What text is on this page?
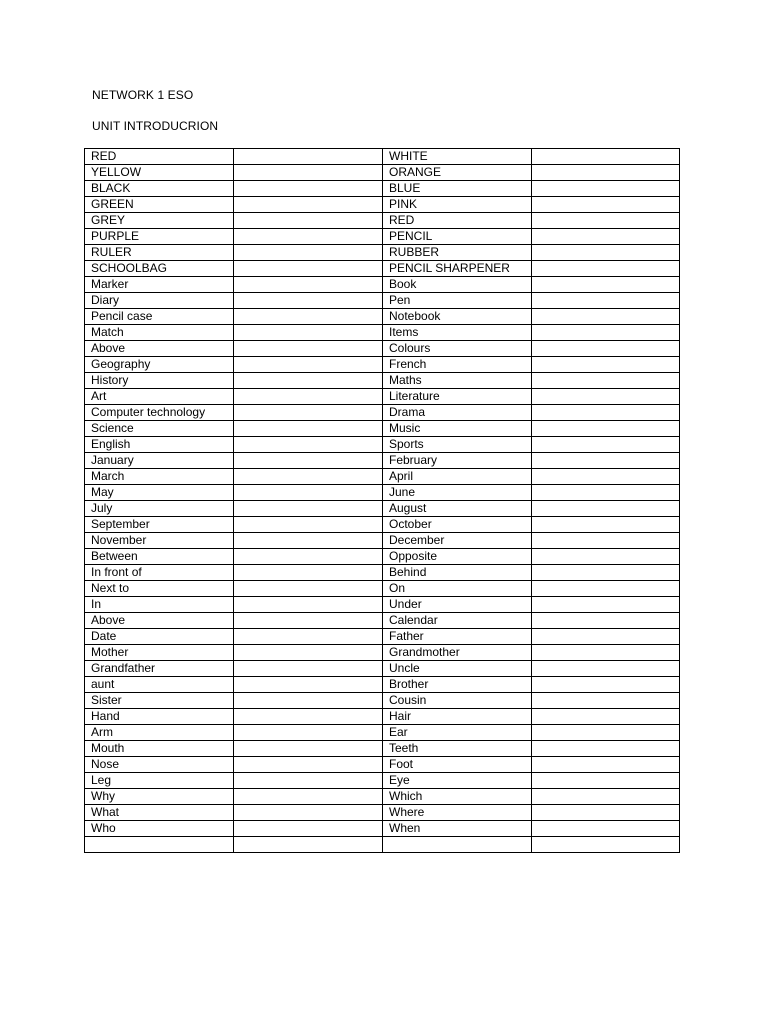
NETWORK 1 ESO
UNIT INTRODUCRION
RED		WHITE	
YELLOW		ORANGE	
BLACK		BLUE	
GREEN		PINK	
GREY		RED	
PURPLE		PENCIL	
RULER		RUBBER	
SCHOOLBAG		PENCIL SHARPENER	
Marker		Book	
Diary		Pen	
Pencil case		Notebook	
Match		Items	
Above		Colours	
Geography		French	
History		Maths	
Art		Literature	
Computer technology		Drama	
Science		Music	
English		Sports	
January		February	
March		April	
May		June	
July		August	
September		October	
November		December	
Between		Opposite	
In front of		Behind	
Next to		On	
In		Under	
Above		Calendar	
Date		Father	
Mother		Grandmother	
Grandfather		Uncle	
aunt		Brother	
Sister		Cousin	
Hand		Hair	
Arm		Ear	
Mouth		Teeth	
Nose		Foot	
Leg		Eye	
Why		Which	
What		Where	
Who		When	
